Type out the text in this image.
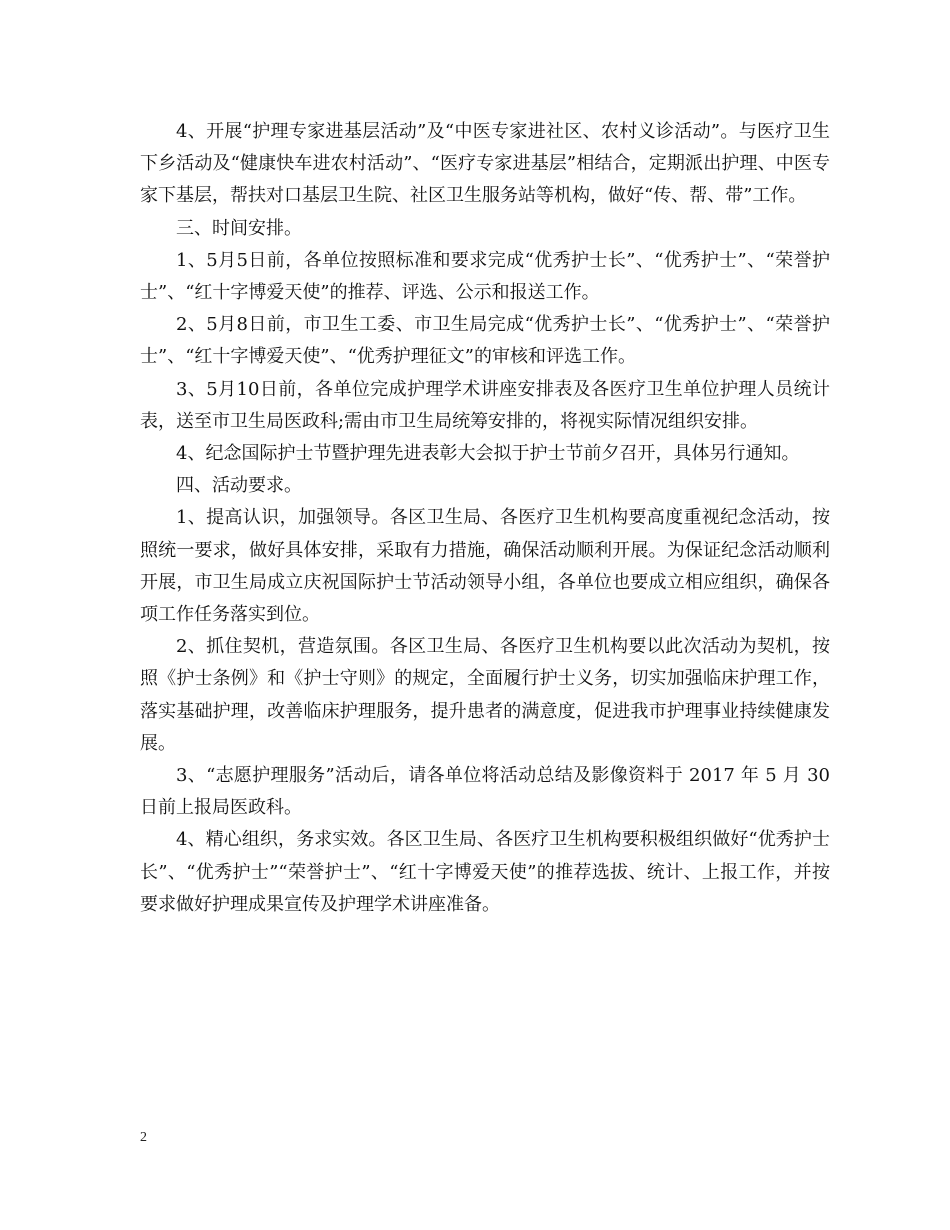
4、开展“护理专家进基层活动”及“中医专家进社区、农村义诊活动”。与医疗卫生下乡活动及“健康快车进农村活动”、“医疗专家进基层”相结合，定期派出护理、中医专家下基层，帮扶对口基层卫生院、社区卫生服务站等机构，做好“传、帮、带”工作。

三、时间安排。

1、5月5日前，各单位按照标准和要求完成“优秀护士长”、“优秀护士”、“荣誉护士”、“红十字博爱天使”的推荐、评选、公示和报送工作。

2、5月8日前，市卫生工委、市卫生局完成“优秀护士长”、“优秀护士”、“荣誉护士”、“红十字博爱天使”、“优秀护理征文”的审核和评选工作。

3、5月10日前，各单位完成护理学术讲座安排表及各医疗卫生单位护理人员统计表，送至市卫生局医政科;需由市卫生局统筹安排的，将视实际情况组织安排。

4、纪念国际护士节暨护理先进表彰大会拟于护士节前夕召开，具体另行通知。

四、活动要求。

1、提高认识，加强领导。各区卫生局、各医疗卫生机构要高度重视纪念活动，按照统一要求，做好具体安排，采取有力措施，确保活动顺利开展。为保证纪念活动顺利开展，市卫生局成立庆祝国际护士节活动领导小组，各单位也要成立相应组织，确保各项工作任务落实到位。

2、抓住契机，营造氛围。各区卫生局、各医疗卫生机构要以此次活动为契机，按照《护士条例》和《护士守则》的规定，全面履行护士义务，切实加强临床护理工作，落实基础护理，改善临床护理服务，提升患者的满意度，促进我市护理事业持续健康发展。

3、“志愿护理服务”活动后，请各单位将活动总结及影像资料于 2017 年 5 月 30 日前上报局医政科。

4、精心组织，务求实效。各区卫生局、各医疗卫生机构要积极组织做好“优秀护士长”、“优秀护士”“荣誉护士”、“红十字博爱天使”的推荐选拔、统计、上报工作，并按要求做好护理成果宣传及护理学术讲座准备。

2
